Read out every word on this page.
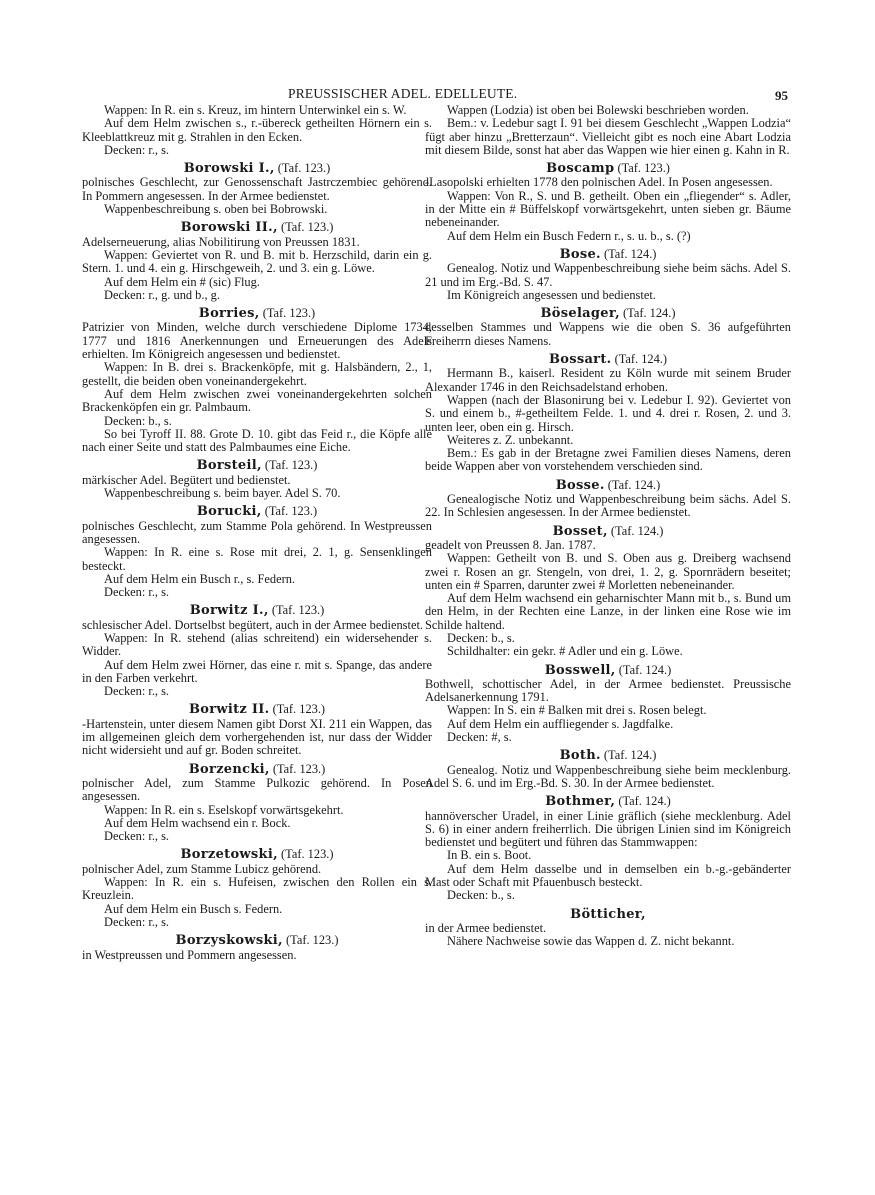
PREUSSISCHER ADEL. EDELLEUTE.	95

Wappen: In R. ein s. Kreuz, im hintern Unterwinkel ein s. W.

Auf dem Helm zwischen s., r.-übereck getheilten Hörnern ein s. Kleeblattkreuz mit g. Strahlen in den Ecken.

Decken: r., s.

Borowski I., (Taf. 123.)

polnisches Geschlecht, zur Genossenschaft Jastrczembiec gehörend. In Pommern angesessen. In der Armee bedienstet.

Wappenbeschreibung s. oben bei Bobrowski.

Borowski II., (Taf. 123.)

Adelserneuerung, alias Nobilitirung von Preussen 1831.

Wappen: Geviertet von R. und B. mit b. Herzschild, darin ein g. Stern. 1. und 4. ein g. Hirschgeweih, 2. und 3. ein g. Löwe.

Auf dem Helm ein # (sic) Flug.

Decken: r., g. und b., g.

Borries, (Taf. 123.)

Patrizier von Minden, welche durch verschiedene Diplome 1734, 1777 und 1816 Anerkennungen und Erneuerungen des Adels erhielten. Im Königreich angesessen und bedienstet.

Wappen: In B. drei s. Brackenköpfe, mit g. Halsbändern, 2., 1, gestellt, die beiden oben voneinandergekehrt.

Auf dem Helm zwischen zwei voneinandergekehrten solchen Brackenköpfen ein gr. Palmbaum.

Decken: b., s.

So bei Tyroff II. 88. Grote D. 10. gibt das Feid r., die Köpfe alle nach einer Seite und statt des Palmbaumes eine Eiche.

Borsteil, (Taf. 123.)

märkischer Adel. Begütert und bedienstet.

Wappenbeschreibung s. beim bayer. Adel S. 70.

Borucki, (Taf. 123.)

polnisches Geschlecht, zum Stamme Pola gehörend. In Westpreussen angesessen.

Wappen: In R. eine s. Rose mit drei, 2. 1, g. Sensenklingen besteckt.

Auf dem Helm ein Busch r., s. Federn.

Decken: r., s.

Borwitz I., (Taf. 123.)

schlesischer Adel. Dortselbst begütert, auch in der Armee bedienstet.

Wappen: In R. stehend (alias schreitend) ein widersehender s. Widder.

Auf dem Helm zwei Hörner, das eine r. mit s. Spange, das andere in den Farben verkehrt.

Decken: r., s.

Borwitz II. (Taf. 123.)

-Hartenstein, unter diesem Namen gibt Dorst XI. 211 ein Wappen, das im allgemeinen gleich dem vorhergehenden ist, nur dass der Widder nicht widersieht und auf gr. Boden schreitet.

Borzencki, (Taf. 123.)

polnischer Adel, zum Stamme Pulkozic gehörend. In Posen angesessen.

Wappen: In R. ein s. Eselskopf vorwärtsgekehrt.

Auf dem Helm wachsend ein r. Bock.

Decken: r., s.

Borzetowski, (Taf. 123.)

polnischer Adel, zum Stamme Lubicz gehörend.

Wappen: In R. ein s. Hufeisen, zwischen den Rollen ein s. Kreuzlein.

Auf dem Helm ein Busch s. Federn.

Decken: r., s.

Borzyskowski, (Taf. 123.)

in Westpreussen und Pommern angesessen.

Wappen (Lodzia) ist oben bei Bolewski beschrieben worden.

Bem.: v. Ledebur sagt I. 91 bei diesem Geschlecht „Wappen Lodzia“ fügt aber hinzu „Bretterzaun“. Vielleicht gibt es noch eine Abart Lodzia mit diesem Bilde, sonst hat aber das Wappen wie hier einen g. Kahn in R.

Boscamp (Taf. 123.)

-Lasopolski erhielten 1778 den polnischen Adel. In Posen angesessen.

Wappen: Von R., S. und B. getheilt. Oben ein „fliegender“ s. Adler, in der Mitte ein # Büffelskopf vorwärtsgekehrt, unten sieben gr. Bäume nebeneinander.

Auf dem Helm ein Busch Federn r., s. u. b., s. (?)

Bose. (Taf. 124.)

Genealog. Notiz und Wappenbeschreibung siehe beim sächs. Adel S. 21 und im Erg.-Bd. S. 47.

Im Königreich angesessen und bedienstet.

Böselager, (Taf. 124.)

desselben Stammes und Wappens wie die oben S. 36 aufgeführten Freiherrn dieses Namens.

Bossart. (Taf. 124.)

Hermann B., kaiserl. Resident zu Köln wurde mit seinem Bruder Alexander 1746 in den Reichsadelstand erhoben.

Wappen (nach der Blasonirung bei v. Ledebur I. 92). Geviertet von S. und einem b., #-getheiltem Felde. 1. und 4. drei r. Rosen, 2. und 3. unten leer, oben ein g. Hirsch.

Weiteres z. Z. unbekannt.

Bem.: Es gab in der Bretagne zwei Familien dieses Namens, deren beide Wappen aber von vorstehendem verschieden sind.

Bosse. (Taf. 124.)

Genealogische Notiz und Wappenbeschreibung beim sächs. Adel S. 22. In Schlesien angesessen. In der Armee bedienstet.

Bosset, (Taf. 124.)

geadelt von Preussen 8. Jan. 1787.

Wappen: Getheilt von B. und S. Oben aus g. Dreiberg wachsend zwei r. Rosen an gr. Stengeln, von drei, 1. 2, g. Spornrädern beseitet; unten ein # Sparren, darunter zwei # Morletten nebeneinander.

Auf dem Helm wachsend ein geharnischter Mann mit b., s. Bund um den Helm, in der Rechten eine Lanze, in der linken eine Rose wie im Schilde haltend.

Decken: b., s.

Schildhalter: ein gekr. # Adler und ein g. Löwe.

Bosswell, (Taf. 124.)

Bothwell, schottischer Adel, in der Armee bedienstet. Preussische Adelsanerkennung 1791.

Wappen: In S. ein # Balken mit drei s. Rosen belegt.

Auf dem Helm ein auffliegender s. Jagdfalke.

Decken: #, s.

Both. (Taf. 124.)

Genealog. Notiz und Wappenbeschreibung siehe beim mecklenburg. Adel S. 6. und im Erg.-Bd. S. 30. In der Armee bedienstet.

Bothmer, (Taf. 124.)

hannöverscher Uradel, in einer Linie gräflich (siehe mecklenburg. Adel S. 6) in einer andern freiherrlich. Die übrigen Linien sind im Königreich bedienstet und begütert und führen das Stammwappen:

In B. ein s. Boot.

Auf dem Helm dasselbe und in demselben ein b.-g.-gebänderter Mast oder Schaft mit Pfauenbusch besteckt.

Decken: b., s.

Bötticher,

in der Armee bedienstet.

Nähere Nachweise sowie das Wappen d. Z. nicht bekannt.
